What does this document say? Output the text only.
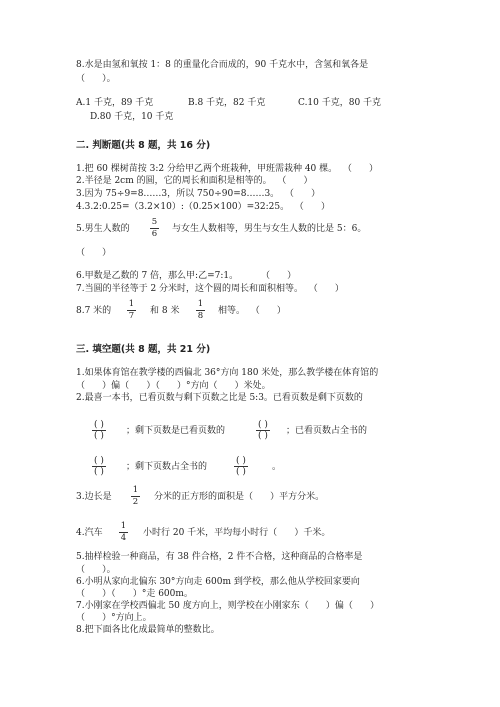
8.水是由氢和氧按 1：8 的重量化合而成的，90 千克水中，含氢和氧各是
（      ）。
A.1 千克，89 千克	B.8 千克，82 千克	C.10 千克，80 千克
D.80 千克，10 千克
二. 判断题(共 8 题，共 16 分)
1.把 60 棵树苗按 3:2 分给甲乙两个班栽种，甲班需栽种 40 棵。  （      ）
2.半径是 2cm 的圆，它的周长和面积是相等的。  （      ）
3.因为 75÷9=8……3，所以 750÷90=8……3。  （      ）
4.3.2:0.25=（3.2×10）:（0.25×100）=32:25。  （      ）
5.男生人数的
5
6 与女生人数相等，男生与女生人数的比是 5：6。
（      ）
6.甲数是乙数的 7 倍，那么甲:乙=7:1。        （      ）
7.当圆的半径等于 2 分米时，这个圆的周长和面积相等。  （      ）
8.7 米的
1
7 和 8 米
1
8 相等。  （      ）
三. 填空题(共 8 题，共 21 分)
1.如果体育馆在教学楼的西偏北 36°方向 180 米处，那么教学楼在体育馆的
（      ）偏（      ）（      ）°方向（      ）米处。
2.最喜一本书，已看页数与剩下页数之比是 5:3。已看页数是剩下页数的
( )
( ) ；剩下页数是已看页数的
( )
( ) ；已看页数占全书的
( )
( ) ；剩下页数占全书的
( )
( )	。
3.边长是
1
2 分米的正方形的面积是（      ）平方分米。
4.汽车
1
4 小时行 20 千米，平均每小时行（      ）千米。
5.抽样检验一种商品，有 38 件合格，2 件不合格，这种商品的合格率是
（      ）。
6.小明从家向北偏东 30°方向走 600m 到学校，那么他从学校回家要向
（      ）（      ）°走 600m。
7.小刚家在学校西偏北 50 度方向上，则学校在小刚家东（      ）偏（      ）
（      ）°方向上。
8.把下面各比化成最简单的整数比。
